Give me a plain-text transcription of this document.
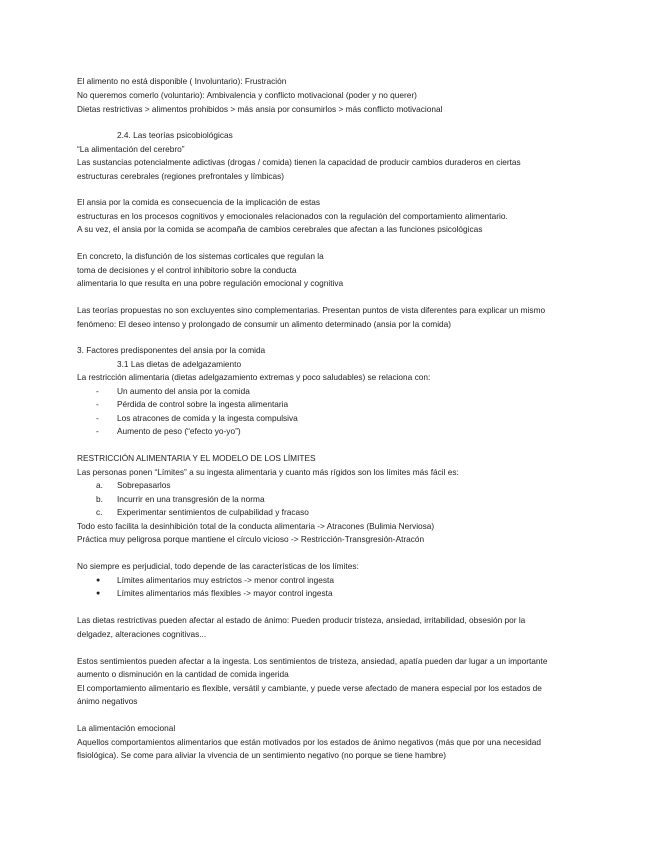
El alimento no está disponible ( Involuntario): Frustración
No queremos comerlo (voluntario): Ambivalencia y conflicto motivacional (poder y no querer)
Dietas restrictivas > alimentos prohibidos > más ansia por consumirlos > más conflicto motivacional
2.4. Las teorías psicobiológicas
“La alimentación del cerebro”
Las sustancias potencialmente adictivas (drogas / comida) tienen la capacidad de producir cambios duraderos en ciertas
estructuras cerebrales (regiones prefrontales y límbicas)
El ansia por la comida es consecuencia de la implicación de estas
estructuras en los procesos cognitivos y emocionales relacionados con la regulación del comportamiento alimentario.
A su vez, el ansia por la comida se acompaña de cambios cerebrales que afectan a las funciones psicológicas
En concreto, la disfunción de los sistemas corticales que regulan la
toma de decisiones y el control inhibitorio sobre la conducta
alimentaria lo que resulta en una pobre regulación emocional y cognitiva
Las teorías propuestas no son excluyentes sino complementarias. Presentan puntos de vista diferentes para explicar un mismo
fenómeno: El deseo intenso y prolongado de consumir un alimento determinado (ansia por la comida)
3. Factores predisponentes del ansia por la comida
3.1 Las dietas de adelgazamiento
La restricción alimentaria (dietas adelgazamiento extremas y poco saludables) se relaciona con:
- Un aumento del ansia por la comida
- Pérdida de control sobre la ingesta alimentaria
- Los atracones de comida y la ingesta compulsiva
- Aumento de peso (“efecto yo-yo”)
RESTRICCIÓN ALIMENTARIA Y EL MODELO DE LOS LÍMITES
Las personas ponen “Límites” a su ingesta alimentaria y cuanto más rígidos son los límites más fácil es:
a. Sobrepasarlos
b. Incurrir en una transgresión de la norma
c. Experimentar sentimientos de culpabilidad y fracaso
Todo esto facilita la desinhibición total de la conducta alimentaria -> Atracones (Bulimia Nerviosa)
Práctica muy peligrosa porque mantiene el círculo vicioso -> Restricción-Transgresión-Atracón
No siempre es perjudicial, todo depende de las características de los límites:
● Límites alimentarios muy estrictos -> menor control ingesta
● Límites alimentarios más flexibles -> mayor control ingesta
Las dietas restrictivas pueden afectar al estado de ánimo: Pueden producir tristeza, ansiedad, irritabilidad, obsesión por la
delgadez, alteraciones cognitivas...
Estos sentimientos pueden afectar a la ingesta. Los sentimientos de tristeza, ansiedad, apatía pueden dar lugar a un importante
aumento o disminución en la cantidad de comida ingerida
El comportamiento alimentario es flexible, versátil y cambiante, y puede verse afectado de manera especial por los estados de
ánimo negativos
La alimentación emocional
Aquellos comportamientos alimentarios que están motivados por los estados de ánimo negativos (más que por una necesidad
fisiológica). Se come para aliviar la vivencia de un sentimiento negativo (no porque se tiene hambre)
